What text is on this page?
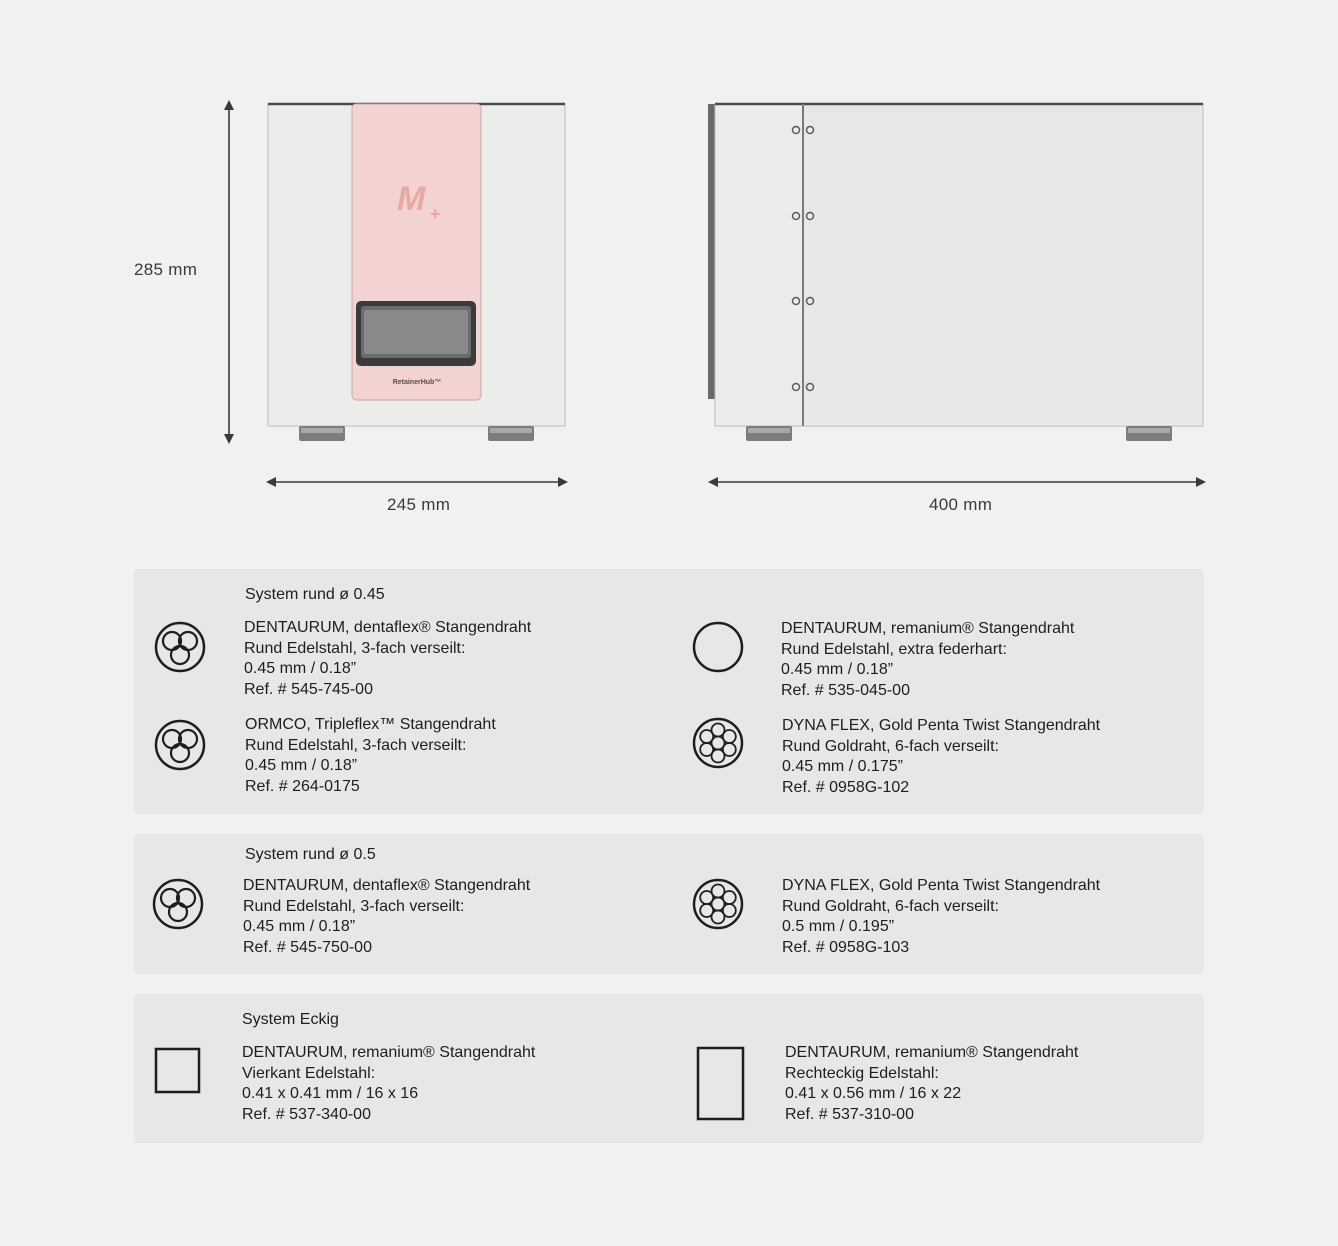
285 mm
M +
RetainerHub™
245 mm	400 mm
System rund ø 0.45
DENTAURUM, dentaflex® Stangendraht
Rund Edelstahl, 3-fach verseilt:
0.45 mm / 0.18”
Ref. # 545-745-00
DENTAURUM, remanium® Stangendraht
Rund Edelstahl, extra federhart:
0.45 mm / 0.18”
Ref. # 535-045-00
ORMCO, Tripleflex™ Stangendraht
Rund Edelstahl, 3-fach verseilt:
0.45 mm / 0.18”
Ref. # 264-0175
DYNA FLEX, Gold Penta Twist Stangendraht
Rund Goldraht, 6-fach verseilt:
0.45 mm / 0.175”
Ref. # 0958G-102
System rund ø 0.5
DENTAURUM, dentaflex® Stangendraht
Rund Edelstahl, 3-fach verseilt:
0.45 mm / 0.18”
Ref. # 545-750-00
DYNA FLEX, Gold Penta Twist Stangendraht
Rund Goldraht, 6-fach verseilt:
0.5 mm / 0.195”
Ref. # 0958G-103
System Eckig
DENTAURUM, remanium® Stangendraht
Vierkant Edelstahl:
0.41 x 0.41 mm / 16 x 16
Ref. # 537-340-00
DENTAURUM, remanium® Stangendraht
Rechteckig Edelstahl:
0.41 x 0.56 mm / 16 x 22
Ref. # 537-310-00
